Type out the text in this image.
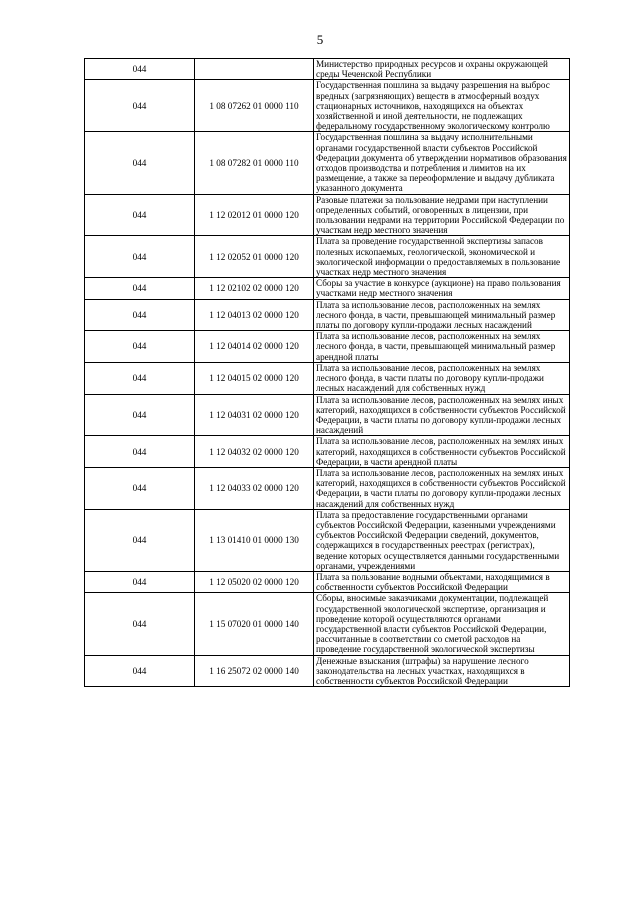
5
044		Министерство природных ресурсов и охраны окружающей среды Чеченской Республики
044	1 08 07262 01 0000 110	Государственная пошлина за выдачу разрешения на выброс вредных (загрязняющих) веществ в атмосферный воздух стационарных источников, находящихся на объектах хозяйственной и иной деятельности, не подлежащих федеральному государственному экологическому контролю
044	1 08 07282 01 0000 110	Государственная пошлина за выдачу исполнительными органами государственной власти субъектов Российской Федерации документа об утверждении нормативов образования отходов производства и потребления и лимитов на их размещение, а также за переоформление и выдачу дубликата указанного документа
044	1 12 02012 01 0000 120	Разовые платежи за пользование недрами при наступлении определенных событий, оговоренных в лицензии, при пользовании недрами на территории Российской Федерации по участкам недр местного значения
044	1 12 02052 01 0000 120	Плата за проведение государственной экспертизы запасов полезных ископаемых, геологической, экономической и экологической информации о предоставляемых в пользование участках недр местного значения
044	1 12 02102 02 0000 120	Сборы за участие в конкурсе (аукционе) на право пользования участками недр местного значения
044	1 12 04013 02 0000 120	Плата за использование лесов, расположенных на землях лесного фонда, в части, превышающей минимальный размер платы по договору купли-продажи лесных насаждений
044	1 12 04014 02 0000 120	Плата за использование лесов, расположенных на землях лесного фонда, в части, превышающей минимальный размер арендной платы
044	1 12 04015 02 0000 120	Плата за использование лесов, расположенных на землях лесного фонда, в части платы по договору купли-продажи лесных насаждений для собственных нужд
044	1 12 04031 02 0000 120	Плата за использование лесов, расположенных на землях иных категорий, находящихся в собственности субъектов Российской Федерации, в части платы по договору купли-продажи лесных насаждений
044	1 12 04032 02 0000 120	Плата за использование лесов, расположенных на землях иных категорий, находящихся в собственности субъектов Российской Федерации, в части арендной платы
044	1 12 04033 02 0000 120	Плата за использование лесов, расположенных на землях иных категорий, находящихся в собственности субъектов Российской Федерации, в части платы по договору купли-продажи лесных насаждений для собственных нужд
044	1 13 01410 01 0000 130	Плата за предоставление государственными органами субъектов Российской Федерации, казенными учреждениями субъектов Российской Федерации сведений, документов, содержащихся в государственных реестрах (регистрах), ведение которых осуществляется данными государственными органами, учреждениями
044	1 12 05020 02 0000 120	Плата за пользование водными объектами, находящимися в собственности субъектов Российской Федерации
044	1 15 07020 01 0000 140	Сборы, вносимые заказчиками документации, подлежащей государственной экологической экспертизе, организация и проведение которой осуществляются органами государственной власти субъектов Российской Федерации, рассчитанные в соответствии со сметой расходов на проведение государственной экологической экспертизы
044	1 16 25072 02 0000 140	Денежные взыскания (штрафы) за нарушение лесного законодательства на лесных участках, находящихся в собственности субъектов Российской Федерации
